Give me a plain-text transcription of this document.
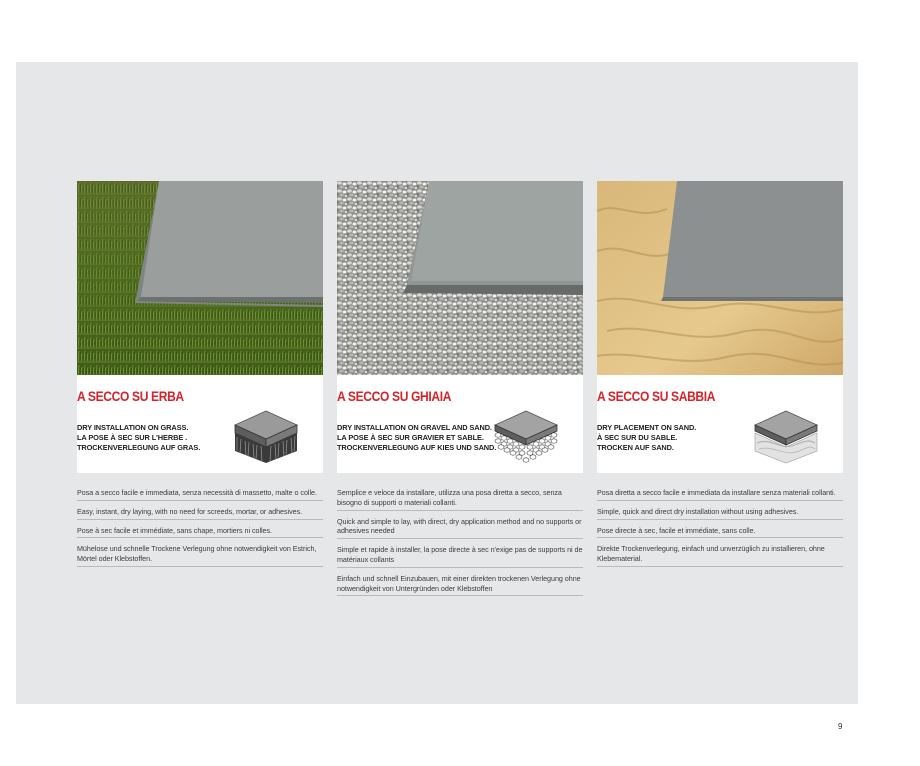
A SECCO SU ERBA
DRY INSTALLATION ON GRASS.
LA POSE À SEC SUR L'HERBE .
TROCKENVERLEGUNG AUF GRAS.
Posa a secco facile e immediata, senza necessità di massetto, malte o colle.
Easy, instant, dry laying, with no need for screeds, mortar, or adhesives.
Pose à sec facile et immédiate, sans chape, mortiers ni colles.
Mühelose und schnelle Trockene Verlegung ohne notwendigkeit von Estrich, Mörtel oder Klebstoffen.
A SECCO SU GHIAIA
DRY INSTALLATION ON GRAVEL AND SAND.
LA POSE À SEC SUR GRAVIER ET SABLE.
TROCKENVERLEGUNG AUF KIES UND SAND.
Semplice e veloce da installare, utilizza una posa diretta a secco, senza bisogno di supporti o materiali collanti.
Quick and simple to lay, with direct, dry application method and no supports or adhesives needed
Simple et rapide à installer, la pose directe à sec n'exige pas de supports ni de matériaux collants
Einfach und schnell Einzubauen, mit einer direkten trockenen Verlegung ohne notwendigkeit von Untergründen oder Klebstoffen
A SECCO SU SABBIA
DRY PLACEMENT ON SAND.
À SEC SUR DU SABLE.
TROCKEN AUF SAND.
Posa diretta a secco facile e immediata da installare senza materiali collanti.
Simple, quick and direct dry installation without using adhesives.
Pose directe à sec, facile et immédiate, sans colle.
Direkte Trockenverlegung, einfach und unverzüglich zu installieren, ohne Klebematerial.
9
